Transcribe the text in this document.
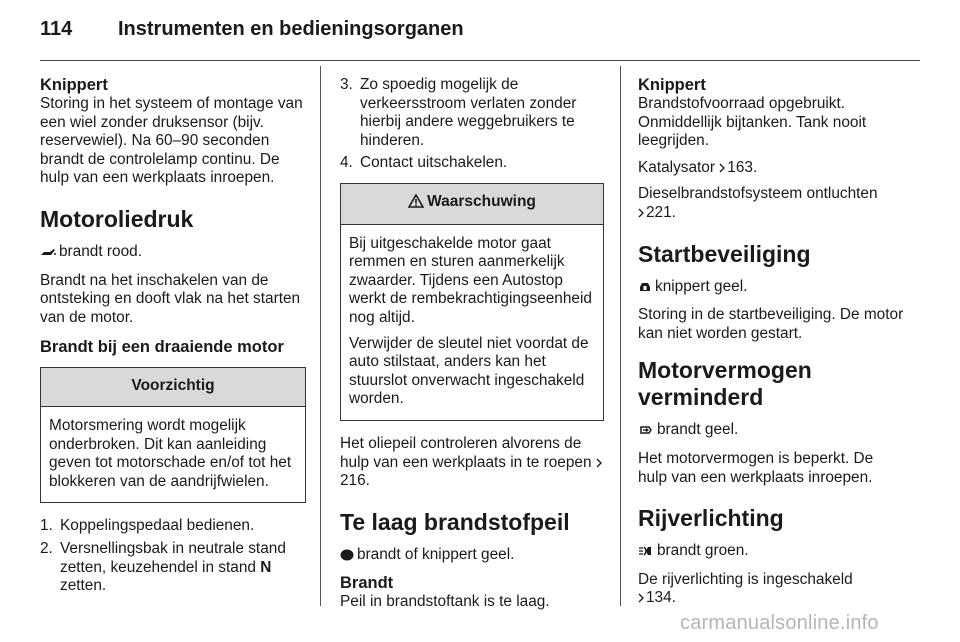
114 Instrumenten en bedieningsorganen
Knippert

Storing in het systeem of montage van een wiel zonder druksensor (bijv. reservewiel). Na 60–90 seconden brandt de controlelamp continu. De hulp van een werkplaats inroepen.

Motoroliedruk

brandt rood.

Brandt na het inschakelen van de ontsteking en dooft vlak na het starten van de motor.

Brandt bij een draaiende motor
Voorzichtig

Motorsmering wordt mogelijk onderbroken. Dit kan aanleiding geven tot motorschade en/of tot het blokkeren van de aandrijfwielen.

1. Koppelingspedaal bedienen.
2. Versnellingsbak in neutrale stand zetten, keuzehendel in stand N zetten.
3. Zo spoedig mogelijk de verkeersstroom verlaten zonder hierbij andere weggebruikers te hinderen.
4. Contact uitschakelen.
Waarschuwing

Bij uitgeschakelde motor gaat remmen en sturen aanmerkelijk zwaarder. Tijdens een Autostop werkt de rembekrachtigingseenheid nog altijd.

Verwijder de sleutel niet voordat de auto stilstaat, anders kan het stuurslot onverwacht ingeschakeld worden.

Het oliepeil controleren alvorens de hulp van een werkplaats in te roepen 216.

Te laag brandstofpeil

brandt of knippert geel.

Brandt

Peil in brandstoftank is te laag.

Knippert

Brandstofvoorraad opgebruikt. Onmiddellijk bijtanken. Tank nooit leegrijden.

Katalysator 163.

Dieselbrandstofsysteem ontluchten
221.

Startbeveiliging

knippert geel.

Storing in de startbeveiliging. De motor kan niet worden gestart.

Motorvermogen verminderd

brandt geel.

Het motorvermogen is beperkt. De hulp van een werkplaats inroepen.

Rijverlichting

brandt groen.

De rijverlichting is ingeschakeld
134.

carmanualsonline.info
